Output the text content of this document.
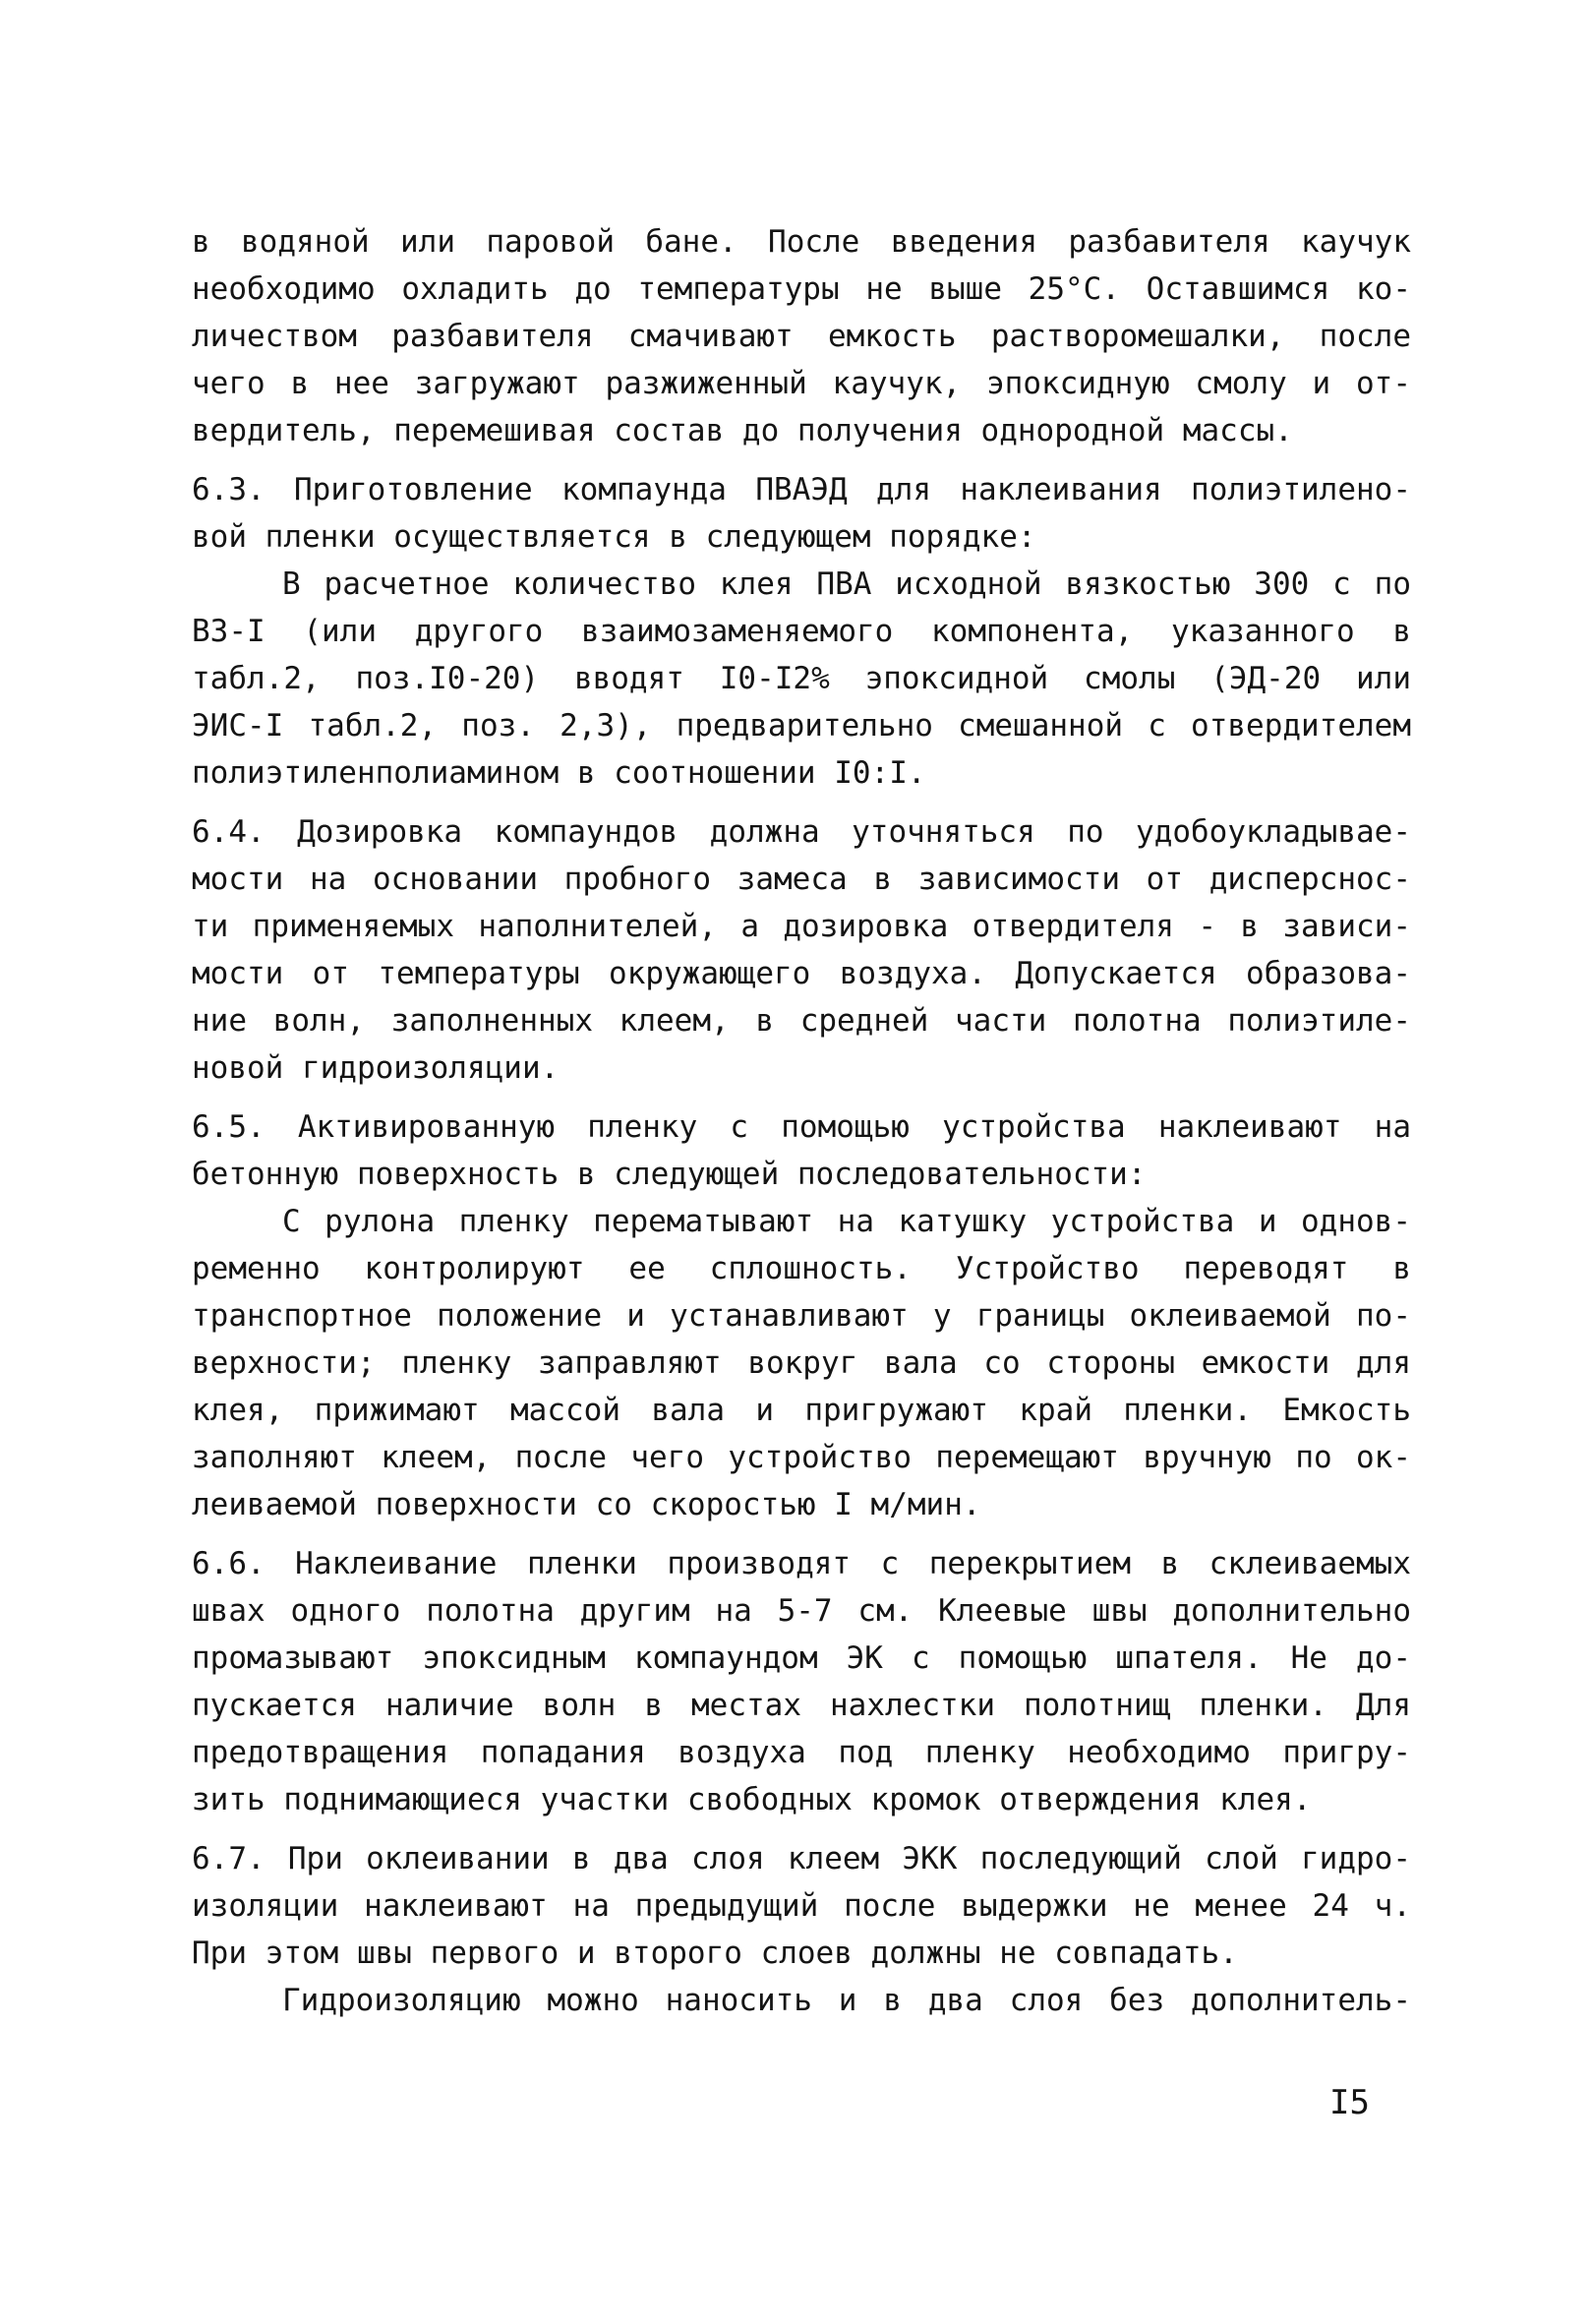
в водяной или паровой бане. После введения разбавителя каучук
необходимо охладить до температуры не выше 25°С. Оставшимся ко-
личеством разбавителя смачивают емкость растворомешалки, после
чего в нее загружают разжиженный каучук, эпоксидную смолу и от-
вердитель, перемешивая состав до получения однородной массы.
6.3. Приготовление компаунда ПВАЭД для наклеивания полиэтилено-
вой пленки осуществляется в следующем порядке:
В расчетное количество клея ПВА исходной вязкостью 300 с по
ВЗ-I (или другого взаимозаменяемого компонента, указанного в
табл.2, поз.I0-20) вводят I0-I2% эпоксидной смолы (ЭД-20 или
ЭИС-I табл.2, поз. 2,3), предварительно смешанной с отвердителем
полиэтиленполиамином в соотношении I0:I.
6.4. Дозировка компаундов должна уточняться по удобоукладывае-
мости на основании пробного замеса в зависимости от дисперснос-
ти применяемых наполнителей, а дозировка отвердителя - в зависи-
мости от температуры окружающего воздуха. Допускается образова-
ние волн, заполненных клеем, в средней части полотна полиэтиле-
новой гидроизоляции.
6.5. Активированную пленку с помощью устройства наклеивают на
бетонную поверхность в следующей последовательности:
С рулона пленку перематывают на катушку устройства и однов-
ременно контролируют ее сплошность. Устройство переводят в
транспортное положение и устанавливают у границы оклеиваемой по-
верхности; пленку заправляют вокруг вала со стороны емкости для
клея, прижимают массой вала и пригружают край пленки. Емкость
заполняют клеем, после чего устройство перемещают вручную по ок-
леиваемой поверхности со скоростью I м/мин.
6.6. Наклеивание пленки производят с перекрытием в склеиваемых
швах одного полотна другим на 5-7 см. Клеевые швы дополнительно
промазывают эпоксидным компаундом ЭК с помощью шпателя. Не до-
пускается наличие волн в местах нахлестки полотнищ пленки. Для
предотвращения попадания воздуха под пленку необходимо пригру-
зить поднимающиеся участки свободных кромок отверждения клея.
6.7. При оклеивании в два слоя клеем ЭКК последующий слой гидро-
изоляции наклеивают на предыдущий после выдержки не менее 24 ч.
При этом швы первого и второго слоев должны не совпадать.
Гидроизоляцию можно наносить и в два слоя без дополнитель-
I5
